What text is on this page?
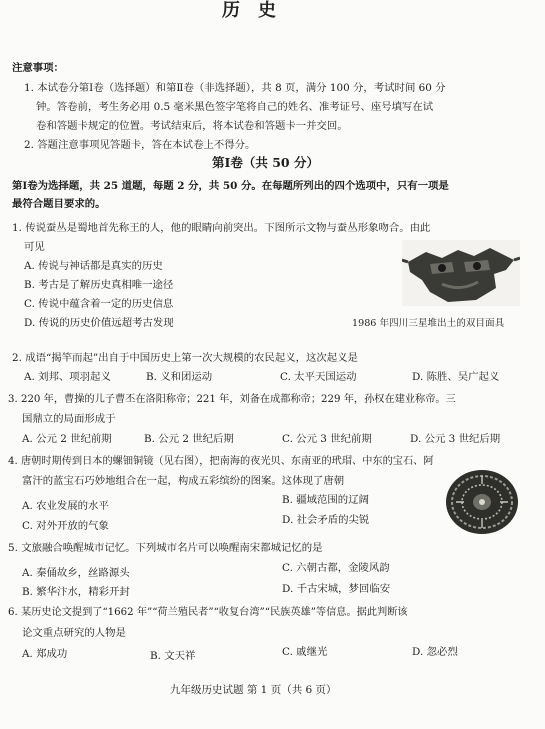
历史
注意事项：
1. 本试卷分第Ⅰ卷（选择题）和第Ⅱ卷（非选择题），共 8 页，满分 100 分，考试时间 60 分
钟。答卷前，考生务必用 0.5 毫米黑色签字笔将自己的姓名、准考证号、座号填写在试
卷和答题卡规定的位置。考试结束后，将本试卷和答题卡一并交回。
2. 答题注意事项见答题卡，答在本试卷上不得分。
第Ⅰ卷（共 50 分）
第Ⅰ卷为选择题，共 25 道题，每题 2 分，共 50 分。在每题所列出的四个选项中，只有一项是
最符合题目要求的。
1. 传说蚕丛是蜀地首先称王的人，他的眼睛向前突出。下图所示文物与蚕丛形象吻合。由此
可见
A. 传说与神话都是真实的历史
B. 考古是了解历史真相唯一途径
C. 传说中蕴含着一定的历史信息
D. 传说的历史价值远超考古发现	1986 年四川三星堆出土的双目面具
2. 成语“揭竿而起”出自于中国历史上第一次大规模的农民起义，这次起义是
A. 刘邦、项羽起义	B. 义和团运动	C. 太平天国运动	D. 陈胜、吴广起义
3. 220 年，曹操的儿子曹丕在洛阳称帝；221 年，刘备在成都称帝；229 年，孙权在建业称帝。三
国鼎立的局面形成于
A. 公元 2 世纪前期	B. 公元 2 世纪后期	C. 公元 3 世纪前期	D. 公元 3 世纪后期
4. 唐朝时期传到日本的螺钿铜镜（见右图），把南海的夜光贝、东南亚的玳瑁、中东的宝石、阿
富汗的蓝宝石巧妙地组合在一起，构成五彩缤纷的图案。这体现了唐朝
A. 农业发展的水平	B. 疆域范围的辽阔
C. 对外开放的气象	D. 社会矛盾的尖锐
5. 文旅融合唤醒城市记忆。下列城市名片可以唤醒南宋都城记忆的是
A. 秦俑故乡，丝路源头
B. 繁华汴水，精彩开封
C. 六朝古都，金陵风韵
D. 千古宋城，梦回临安
6. 某历史论文提到了“1662 年”“荷兰殖民者”“收复台湾”“民族英雄”等信息。据此判断该
论文重点研究的人物是
A. 郑成功	B. 文天祥	C. 戚继光	D. 忽必烈
九年级历史试题 第 1 页（共 6 页）
